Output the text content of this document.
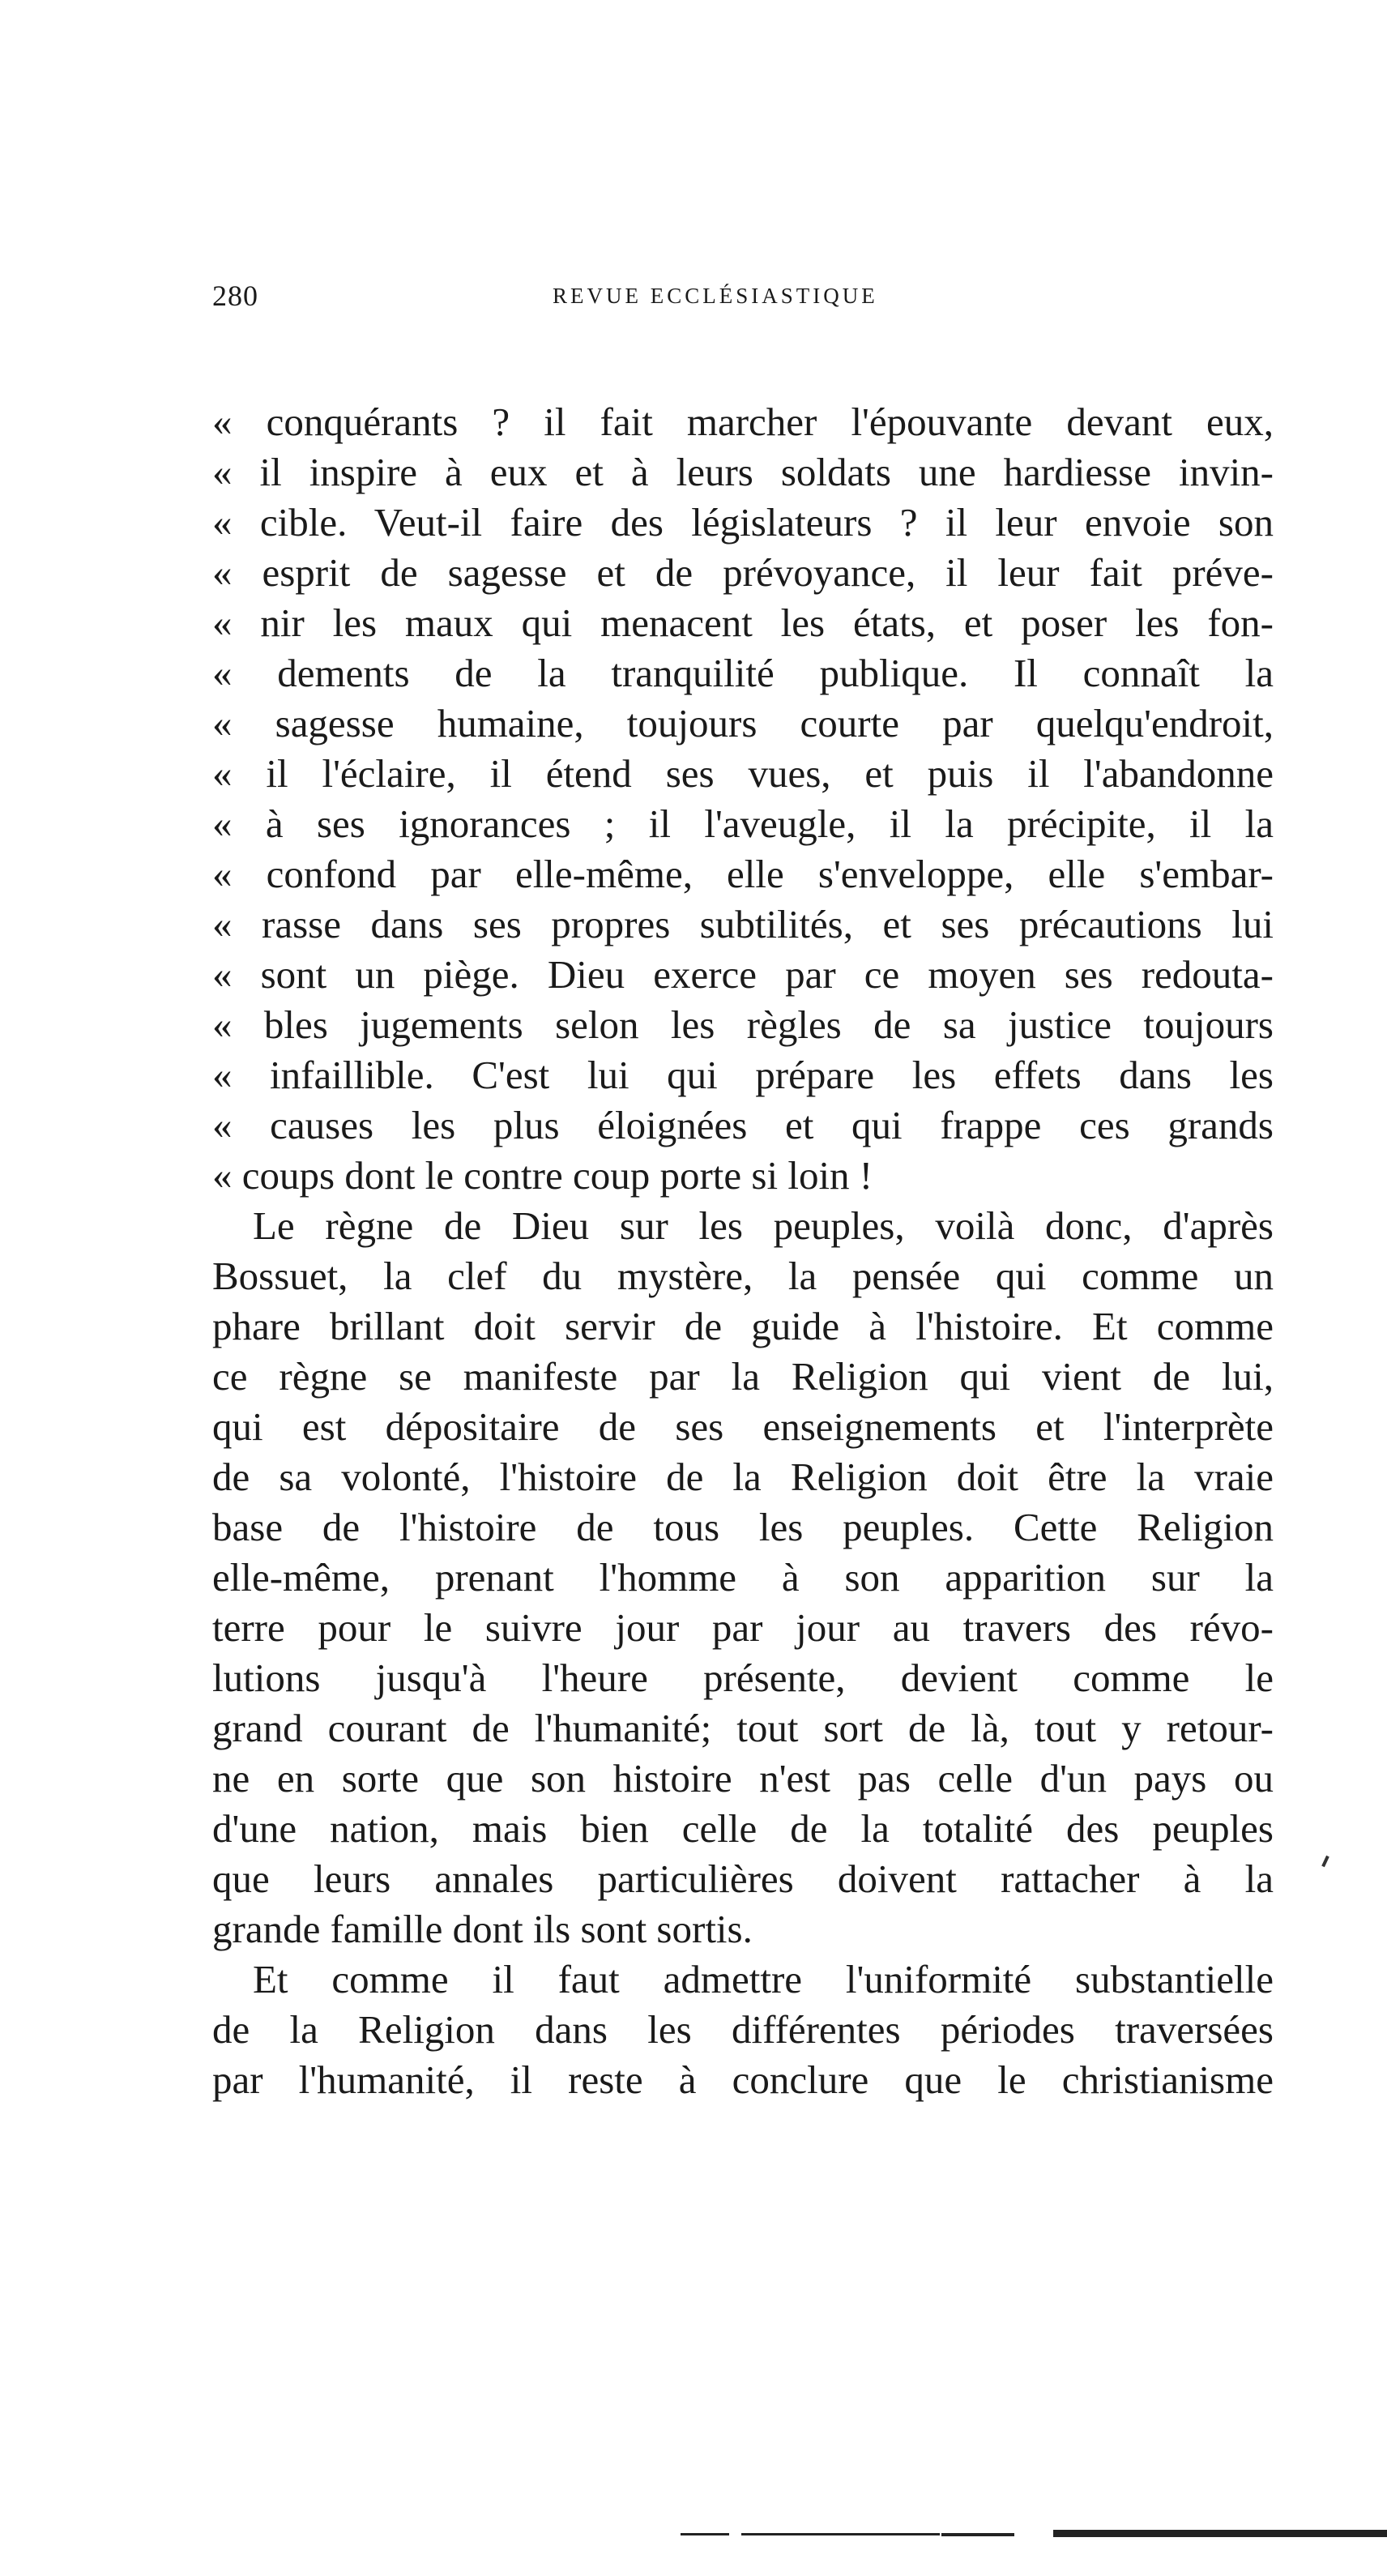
280	REVUE ECCLÉSIASTIQUE
« conquérants ? il fait marcher l'épouvante devant eux,
« il inspire à eux et à leurs soldats une hardiesse invin-
« cible. Veut-il faire des législateurs ? il leur envoie son
« esprit de sagesse et de prévoyance, il leur fait préve-
« nir les maux qui menacent les états, et poser les fon-
« dements de la tranquilité publique. Il connaît la
« sagesse humaine, toujours courte par quelqu'endroit,
« il l'éclaire, il étend ses vues, et puis il l'abandonne
« à ses ignorances ; il l'aveugle, il la précipite, il la
« confond par elle-même, elle s'enveloppe, elle s'embar-
« rasse dans ses propres subtilités, et ses précautions lui
« sont un piège. Dieu exerce par ce moyen ses redouta-
« bles jugements selon les règles de sa justice toujours
« infaillible. C'est lui qui prépare les effets dans les
« causes les plus éloignées et qui frappe ces grands
« coups dont le contre coup porte si loin !
Le règne de Dieu sur les peuples, voilà donc, d'après
Bossuet, la clef du mystère, la pensée qui comme un
phare brillant doit servir de guide à l'histoire. Et comme
ce règne se manifeste par la Religion qui vient de lui,
qui est dépositaire de ses enseignements et l'interprète
de sa volonté, l'histoire de la Religion doit être la vraie
base de l'histoire de tous les peuples. Cette Religion
elle-même, prenant l'homme à son apparition sur la
terre pour le suivre jour par jour au travers des révo-
lutions jusqu'à l'heure présente, devient comme le
grand courant de l'humanité; tout sort de là, tout y retour-
ne en sorte que son histoire n'est pas celle d'un pays ou
d'une nation, mais bien celle de la totalité des peuples
que leurs annales particulières doivent rattacher à la
grande famille dont ils sont sortis.
Et comme il faut admettre l'uniformité substantielle
de la Religion dans les différentes périodes traversées
par l'humanité, il reste à conclure que le christianisme
